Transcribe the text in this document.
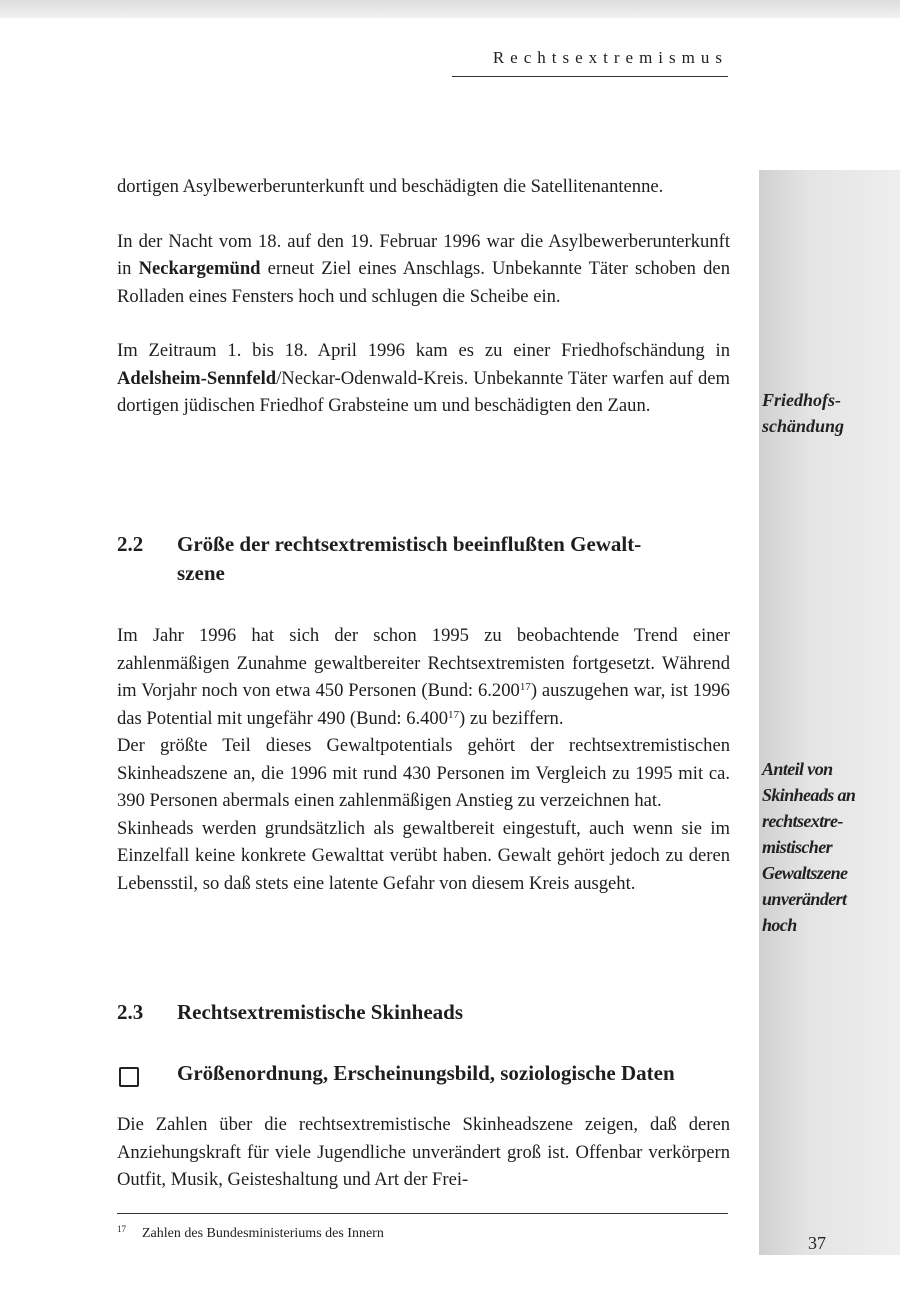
Rechtsextremismus

dortigen Asylbewerberunterkunft und beschädigten die Satellitenantenne.

In der Nacht vom 18. auf den 19. Februar 1996 war die Asylbewerberunterkunft in Neckargemünd erneut Ziel eines Anschlags. Unbekannte Täter schoben den Rolladen eines Fensters hoch und schlugen die Scheibe ein.

Im Zeitraum 1. bis 18. April 1996 kam es zu einer Friedhofschändung in Adelsheim-Sennfeld/Neckar-Odenwald-Kreis. Unbekannte Täter warfen auf dem dortigen jüdischen Friedhof Grabsteine um und beschädigten den Zaun.

2.2 Größe der rechtsextremistisch beeinflußten Gewalt-
szene

Im Jahr 1996 hat sich der schon 1995 zu beobachtende Trend einer zahlenmäßigen Zunahme gewaltbereiter Rechtsextremisten fortgesetzt. Während im Vorjahr noch von etwa 450 Personen (Bund: 6.200$^{17}$) auszugehen war, ist 1996 das Potential mit ungefähr 490 (Bund: 6.400$^{17}$) zu beziffern.

Der größte Teil dieses Gewaltpotentials gehört der rechtsextremistischen Skinheadszene an, die 1996 mit rund 430 Personen im Vergleich zu 1995 mit ca. 390 Personen abermals einen zahlenmäßigen Anstieg zu verzeichnen hat.

Skinheads werden grundsätzlich als gewaltbereit eingestuft, auch wenn sie im Einzelfall keine konkrete Gewalttat verübt haben. Gewalt gehört jedoch zu deren Lebensstil, so daß stets eine latente Gefahr von diesem Kreis ausgeht.

2.3 Rechtsextremistische Skinheads
Größenordnung, Erscheinungsbild, soziologische Daten

Die Zahlen über die rechtsextremistische Skinheadszene zeigen, daß deren Anziehungskraft für viele Jugendliche unverändert groß ist. Offenbar verkörpern Outfit, Musik, Geisteshaltung und Art der Frei-

Friedhofs-
schändung
Anteil von
Skinheads an
rechtsextre-
mistischer
Gewaltszene
unverändert
hoch
$^{17}$ Zahlen des Bundesministeriums des Innern	37
